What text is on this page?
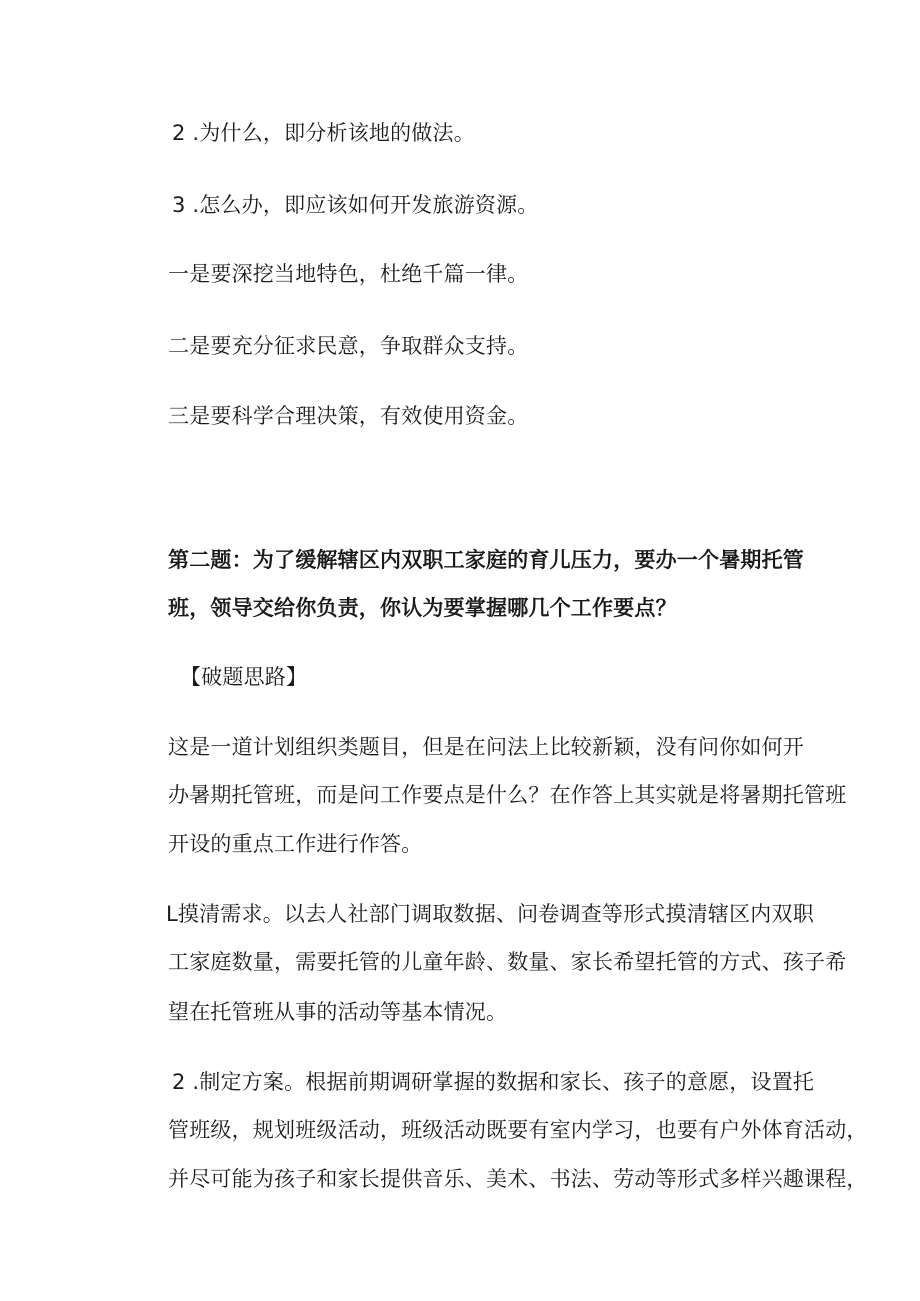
2 .为什么，即分析该地的做法。
3 .怎么办，即应该如何开发旅游资源。
一是要深挖当地特色，杜绝千篇一律。
二是要充分征求民意，争取群众支持。
三是要科学合理决策，有效使用资金。
第二题：为了缓解辖区内双职工家庭的育儿压力，要办一个暑期托管
班，领导交给你负责，你认为要掌握哪几个工作要点？
【破题思路】
这是一道计划组织类题目，但是在问法上比较新颖，没有问你如何开
办暑期托管班，而是问工作要点是什么？在作答上其实就是将暑期托管班
开设的重点工作进行作答。
L摸清需求。以去人社部门调取数据、问卷调查等形式摸清辖区内双职
工家庭数量，需要托管的儿童年龄、数量、家长希望托管的方式、孩子希
望在托管班从事的活动等基本情况。
2 .制定方案。根据前期调研掌握的数据和家长、孩子的意愿，设置托
管班级，规划班级活动，班级活动既要有室内学习，也要有户外体育活动，
并尽可能为孩子和家长提供音乐、美术、书法、劳动等形式多样兴趣课程，
